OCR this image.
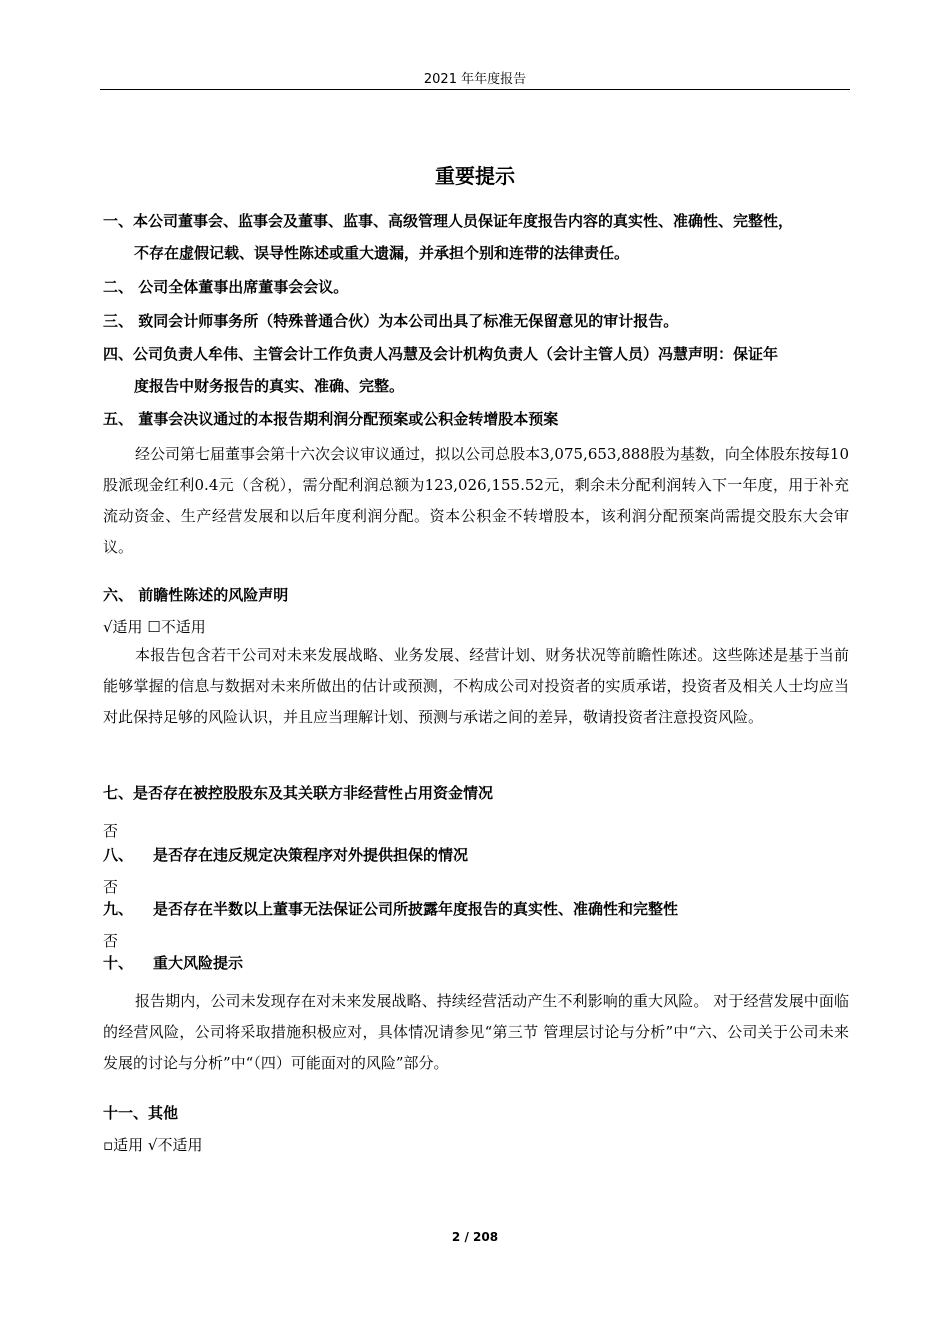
2021 年年度报告
重要提示
一、本公司董事会、监事会及董事、监事、高级管理人员保证年度报告内容的真实性、准确性、完整性，
不存在虚假记载、误导性陈述或重大遗漏，并承担个别和连带的法律责任。
二、 公司全体董事出席董事会会议。
三、 致同会计师事务所（特殊普通合伙）为本公司出具了标准无保留意见的审计报告。
四、公司负责人牟伟、主管会计工作负责人冯慧及会计机构负责人（会计主管人员）冯慧声明：保证年
度报告中财务报告的真实、准确、完整。
五、 董事会决议通过的本报告期利润分配预案或公积金转增股本预案

经公司第七届董事会第十六次会议审议通过，拟以公司总股本3,075,653,888股为基数，向全体股东按每10股派现金红利0.4元（含税），需分配利润总额为123,026,155.52元，剩余未分配利润转入下一年度，用于补充流动资金、生产经营发展和以后年度利润分配。资本公积金不转增股本，该利润分配预案尚需提交股东大会审议。

六、 前瞻性陈述的风险声明
√适用 ☐不适用

本报告包含若干公司对未来发展战略、业务发展、经营计划、财务状况等前瞻性陈述。这些陈述是基于当前能够掌握的信息与数据对未来所做出的估计或预测，不构成公司对投资者的实质承诺，投资者及相关人士均应当对此保持足够的风险认识，并且应当理解计划、预测与承诺之间的差异，敬请投资者注意投资风险。

七、是否存在被控股股东及其关联方非经营性占用资金情况
否
八、 是否存在违反规定决策程序对外提供担保的情况
否
九、 是否存在半数以上董事无法保证公司所披露年度报告的真实性、准确性和完整性
否
十、 重大风险提示

报告期内，公司未发现存在对未来发展战略、持续经营活动产生不利影响的重大风险。 对于经营发展中面临的经营风险，公司将采取措施积极应对，具体情况请参见“第三节 管理层讨论与分析”中“六、公司关于公司未来发展的讨论与分析”中“（四）可能面对的风险”部分。

十一、其他
▫适用 √不适用
2 / 208
